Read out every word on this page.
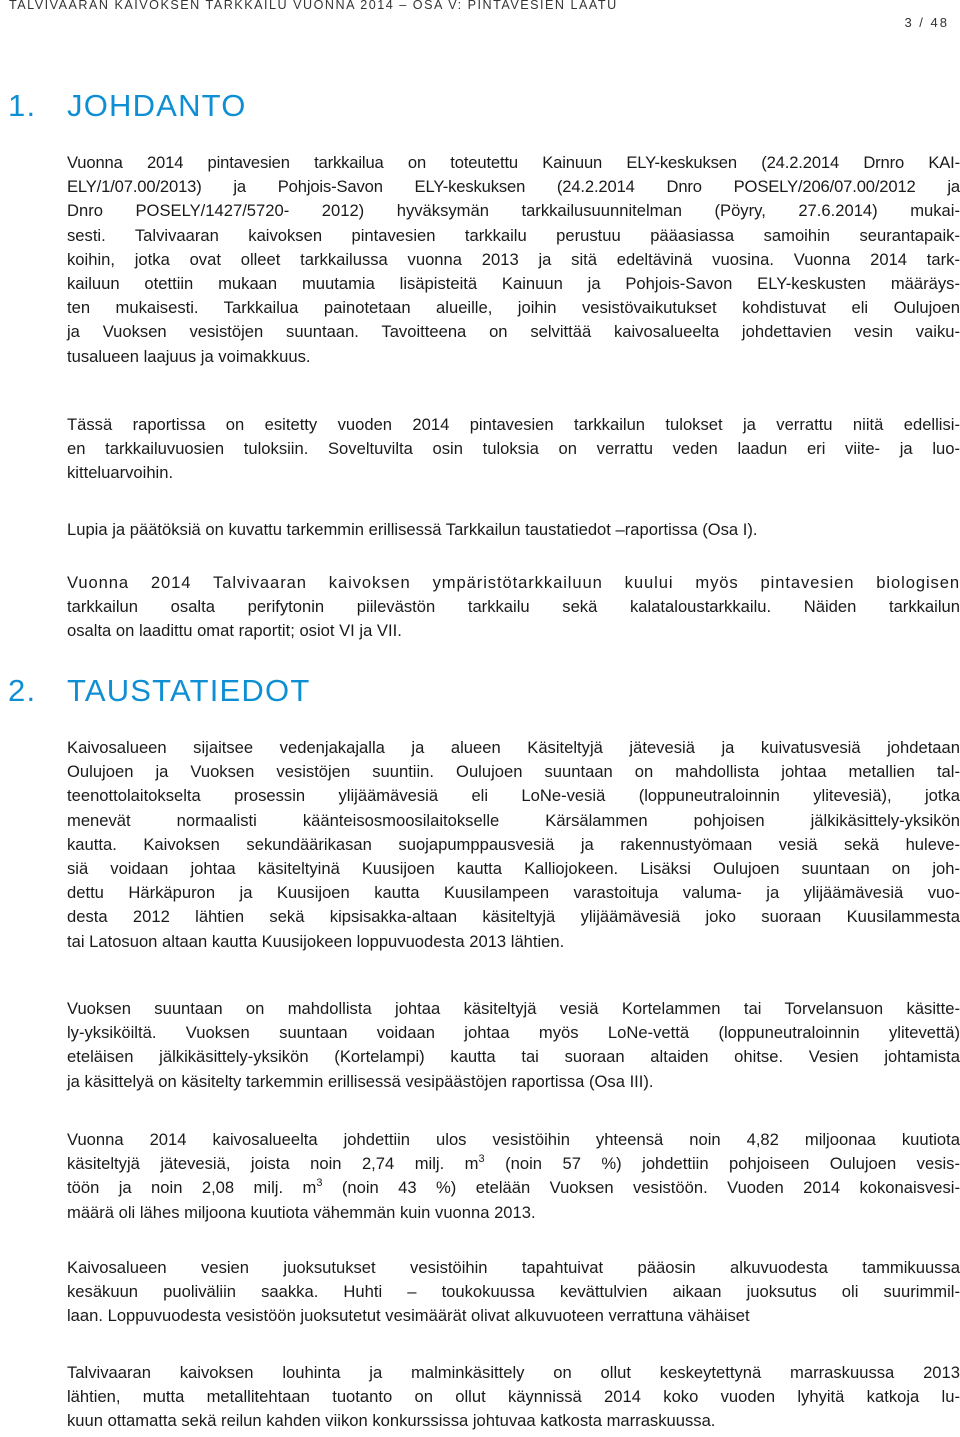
TALVIVAARAN KAIVOKSEN TARKKAILU VUONNA 2014 – OSA V: PINTAVESIEN LAATU
3 / 48
1. JOHDANTO
Vuonna 2014 pintavesien tarkkailua on toteutettu Kainuun ELY-keskuksen (24.2.2014 Drnro KAI-
ELY/1/07.00/2013) ja Pohjois-Savon ELY-keskuksen (24.2.2014 Dnro POSELY/206/07.00/2012 ja
Dnro POSELY/1427/5720- 2012) hyväksymän tarkkailusuunnitelman (Pöyry, 27.6.2014) mukai-
sesti. Talvivaaran kaivoksen pintavesien tarkkailu perustuu pääasiassa samoihin seurantapaik-
koihin, jotka ovat olleet tarkkailussa vuonna 2013 ja sitä edeltävinä vuosina. Vuonna 2014 tark-
kailuun otettiin mukaan muutamia lisäpisteitä Kainuun ja Pohjois-Savon ELY-keskusten määräys-
ten mukaisesti. Tarkkailua painotetaan alueille, joihin vesistövaikutukset kohdistuvat eli Oulujoen
ja Vuoksen vesistöjen suuntaan. Tavoitteena on selvittää kaivosalueelta johdettavien vesin vaiku-
tusalueen laajuus ja voimakkuus.
Tässä raportissa on esitetty vuoden 2014 pintavesien tarkkailun tulokset ja verrattu niitä edellisi-
en tarkkailuvuosien tuloksiin. Soveltuvilta osin tuloksia on verrattu veden laadun eri viite- ja luo-
kitteluarvoihin.
Lupia ja päätöksiä on kuvattu tarkemmin erillisessä Tarkkailun taustatiedot –raportissa (Osa I).
Vuonna 2014 Talvivaaran kaivoksen ympäristötarkkailuun kuului myös pintavesien biologisen
tarkkailun osalta perifytonin piilevästön tarkkailu sekä kalataloustarkkailu. Näiden tarkkailun
osalta on laadittu omat raportit; osiot VI ja VII.
2. TAUSTATIEDOT
Kaivosalueen sijaitsee vedenjakajalla ja alueen Käsiteltyjä jätevesiä ja kuivatusvesiä johdetaan
Oulujoen ja Vuoksen vesistöjen suuntiin. Oulujoen suuntaan on mahdollista johtaa metallien tal-
teenottolaitokselta prosessin ylijäämävesiä eli LoNe-vesiä (loppuneutraloinnin ylitevesiä), jotka
menevät normaalisti käänteisosmoosilaitokselle Kärsälammen pohjoisen jälkikäsittely-yksikön
kautta. Kaivoksen sekundäärikasan suojapumppausvesiä ja rakennustyömaan vesiä sekä huleve-
siä voidaan johtaa käsiteltyinä Kuusijoen kautta Kalliojokeen. Lisäksi Oulujoen suuntaan on joh-
dettu Härkäpuron ja Kuusijoen kautta Kuusilampeen varastoituja valuma- ja ylijäämävesiä vuo-
desta 2012 lähtien sekä kipsisakka-altaan käsiteltyjä ylijäämävesiä joko suoraan Kuusilammesta
tai Latosuon altaan kautta Kuusijokeen loppuvuodesta 2013 lähtien.
Vuoksen suuntaan on mahdollista johtaa käsiteltyjä vesiä Kortelammen tai Torvelansuon käsitte-
ly-yksiköiltä. Vuoksen suuntaan voidaan johtaa myös LoNe-vettä (loppuneutraloinnin ylitevettä)
eteläisen jälkikäsittely-yksikön (Kortelampi) kautta tai suoraan altaiden ohitse. Vesien johtamista
ja käsittelyä on käsitelty tarkemmin erillisessä vesipäästöjen raportissa (Osa III).
Vuonna 2014 kaivosalueelta johdettiin ulos vesistöihin yhteensä noin 4,82 miljoonaa kuutiota
käsiteltyjä jätevesiä, joista noin 2,74 milj. $m^3$ (noin 57 %) johdettiin pohjoiseen Oulujoen vesis-
töön ja noin 2,08 milj. $m^3$ (noin 43 %) etelään Vuoksen vesistöön. Vuoden 2014 kokonaisvesi-
määrä oli lähes miljoona kuutiota vähemmän kuin vuonna 2013.
Kaivosalueen vesien juoksutukset vesistöihin tapahtuivat pääosin alkuvuodesta tammikuussa
kesäkuun puoliväliin saakka. Huhti – toukokuussa kevättulvien aikaan juoksutus oli suurimmil-
laan. Loppuvuodesta vesistöön juoksutetut vesimäärät olivat alkuvuoteen verrattuna vähäiset
Talvivaaran kaivoksen louhinta ja malminkäsittely on ollut keskeytettynä marraskuussa 2013
lähtien, mutta metallitehtaan tuotanto on ollut käynnissä 2014 koko vuoden lyhyitä katkoja lu-
kuun ottamatta sekä reilun kahden viikon konkurssissa johtuvaa katkosta marraskuussa.
